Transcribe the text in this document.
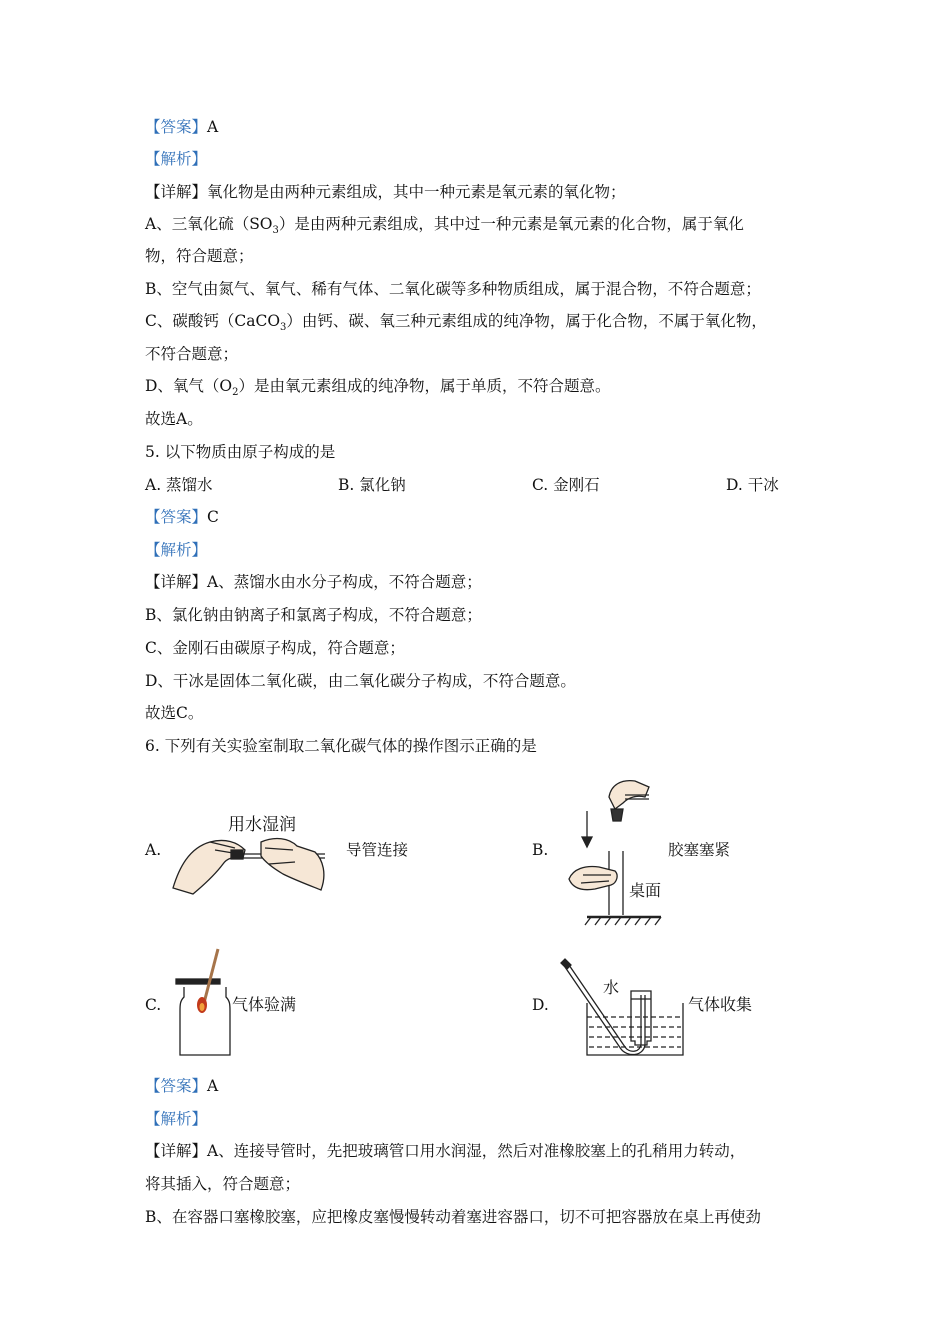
【答案】A
【解析】
【详解】氧化物是由两种元素组成，其中一种元素是氧元素的氧化物；
A、三氧化硫$(SO_3)$是由两种元素组成，其中过一种元素是氧元素的化合物，属于氧化
物，符合题意；
B、空气由氮气、氧气、稀有气体、二氧化碳等多种物质组成，属于混合物，不符合题意；
C、碳酸钙（CaCO$_3$）由钙、碳、氧三种元素组成的纯净物，属于化合物，不属于氧化物，
不符合题意；
D、氧气$(O_2)$是由氧元素组成的纯净物，属于单质，不符合题意。
故选A。
5. 以下物质由原子构成的是
A. 蒸馏水	B. 氯化钠	C. 金刚石	D. 干冰
【答案】C
【解析】
【详解】A、蒸馏水由水分子构成，不符合题意；
B、氯化钠由钠离子和氯离子构成，不符合题意；
C、金刚石由碳原子构成，符合题意；
D、干冰是固体二氧化碳，由二氧化碳分子构成，不符合题意。
故选C。
6. 下列有关实验室制取二氧化碳气体的操作图示正确的是
A.
用水湿润
导管连接	B.	胶塞塞紧
桌面
C.	气体验满	D.	气体收集
水
【答案】A
【解析】
【详解】A、连接导管时，先把玻璃管口用水润湿，然后对准橡胶塞上的孔稍用力转动，
将其插入，符合题意；
B、在容器口塞橡胶塞，应把橡皮塞慢慢转动着塞进容器口，切不可把容器放在桌上再使劲
